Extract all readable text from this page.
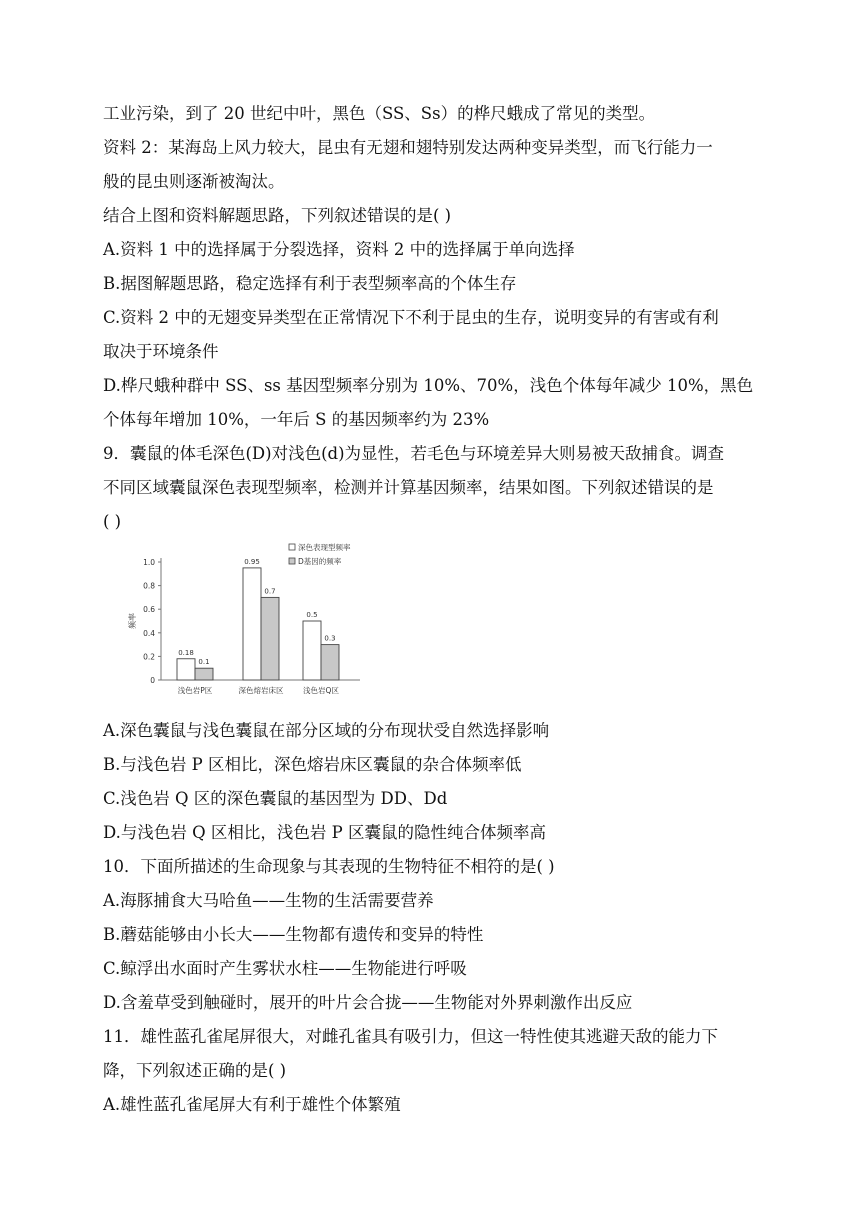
工业污染，到了 20 世纪中叶，黑色（SS、Ss）的桦尺蛾成了常见的类型。
资料 2：某海岛上风力较大，昆虫有无翅和翅特别发达两种变异类型，而飞行能力一
般的昆虫则逐渐被淘汰。
结合上图和资料解题思路，下列叙述错误的是( )
A.资料 1 中的选择属于分裂选择，资料 2 中的选择属于单向选择
B.据图解题思路，稳定选择有利于表型频率高的个体生存
C.资料 2 中的无翅变异类型在正常情况下不利于昆虫的生存，说明变异的有害或有利
取决于环境条件
D.桦尺蛾种群中 SS、ss 基因型频率分别为 10%、70%，浅色个体每年减少 10%，黑色
个体每年增加 10%，一年后 S 的基因频率约为 23%
9．囊鼠的体毛深色(D)对浅色(d)为显性，若毛色与环境差异大则易被天敌捕食。调查
不同区域囊鼠深色表现型频率，检测并计算基因频率，结果如图。下列叙述错误的是
( )
0
0.2
0.4
0.6
0.8
1.0
频率
0.18
0.1
浅色岩P区
0.95
0.7
深色熔岩床区
0.5
0.3
浅色岩Q区
深色表现型频率
D基因的频率
A.深色囊鼠与浅色囊鼠在部分区域的分布现状受自然选择影响
B.与浅色岩 P 区相比，深色熔岩床区囊鼠的杂合体频率低
C.浅色岩 Q 区的深色囊鼠的基因型为 DD、Dd
D.与浅色岩 Q 区相比，浅色岩 P 区囊鼠的隐性纯合体频率高
10．下面所描述的生命现象与其表现的生物特征不相符的是( )
A.海豚捕食大马哈鱼——生物的生活需要营养
B.蘑菇能够由小长大——生物都有遗传和变异的特性
C.鲸浮出水面时产生雾状水柱——生物能进行呼吸
D.含羞草受到触碰时，展开的叶片会合拢——生物能对外界刺激作出反应
11．雄性蓝孔雀尾屏很大，对雌孔雀具有吸引力，但这一特性使其逃避天敌的能力下
降，下列叙述正确的是( )
A.雄性蓝孔雀尾屏大有利于雄性个体繁殖
